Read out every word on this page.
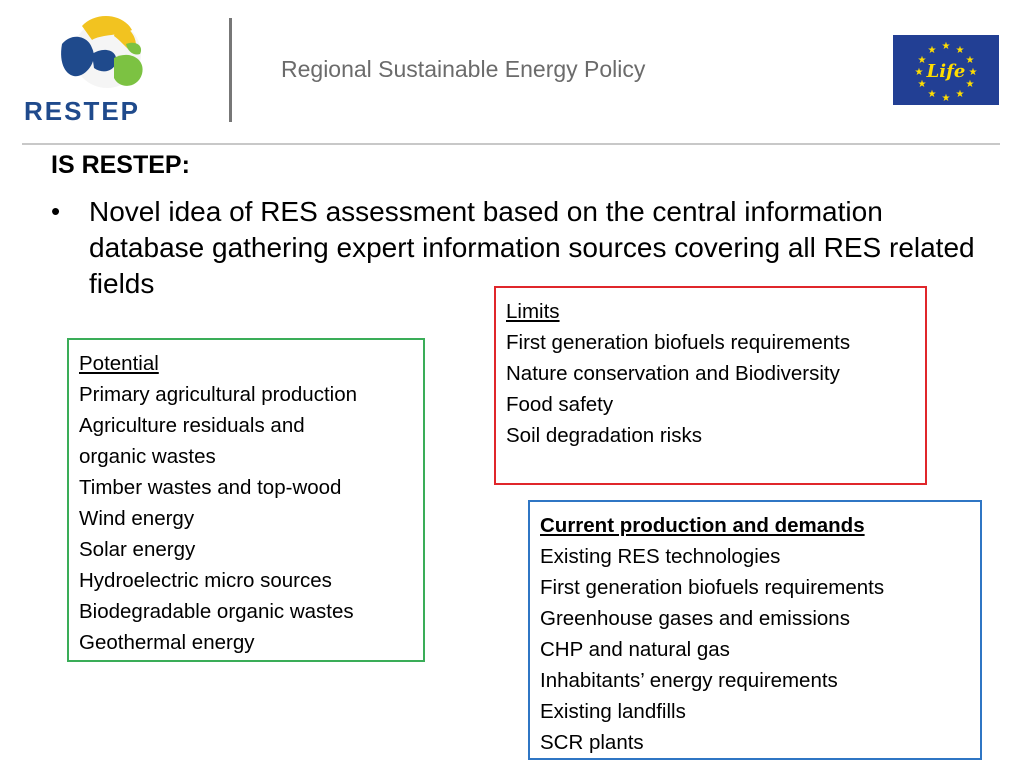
RESTEP
Regional Sustainable Energy Policy
★ ★
★
★
★
★
★
★
★
★
★
★
Life
IS RESTEP:
• Novel idea of RES assessment based on the central information database gathering expert information sources covering all RES related fields
Potential
Primary agricultural production
Agriculture residuals and organic wastes
Timber wastes and top-wood
Wind energy
Solar energy
Hydroelectric micro sources
Biodegradable organic wastes
Geothermal energy
Limits
First generation biofuels requirements
Nature conservation and Biodiversity
Food safety
Soil degradation risks
Current production and demands
Existing RES technologies
First generation biofuels requirements
Greenhouse gases and emissions
CHP and natural gas
Inhabitants’ energy requirements
Existing landfills
SCR plants
